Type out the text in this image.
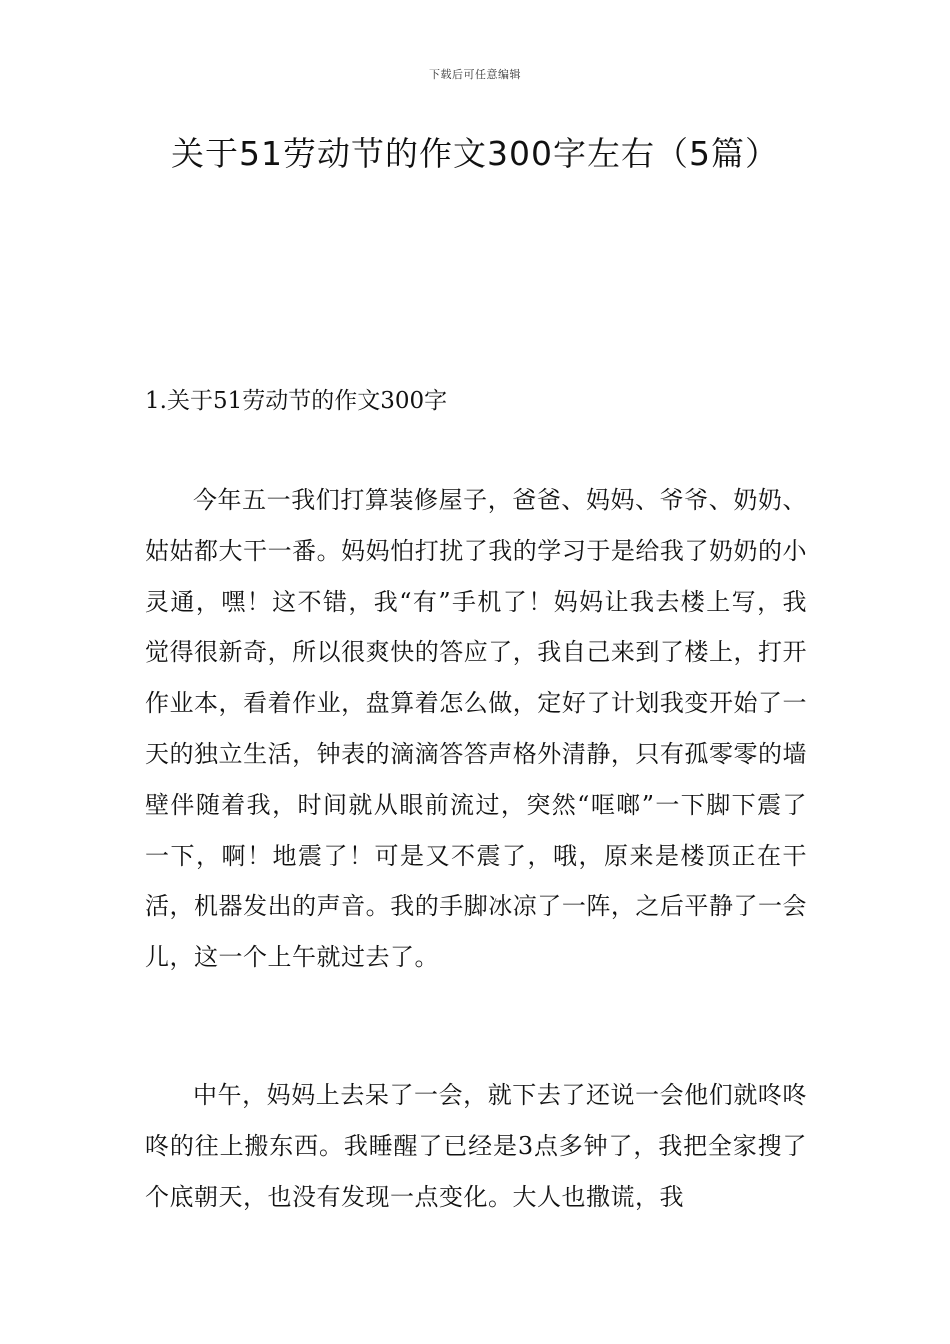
下载后可任意编辑
关于51劳动节的作文300字左右（5篇）
1.关于51劳动节的作文300字

今年五一我们打算装修屋子，爸爸、妈妈、爷爷、奶奶、姑姑都大干一番。妈妈怕打扰了我的学习于是给我了奶奶的小灵通，嘿！这不错，我“有”手机了！妈妈让我去楼上写，我觉得很新奇，所以很爽快的答应了，我自己来到了楼上，打开作业本，看着作业，盘算着怎么做，定好了计划我变开始了一天的独立生活，钟表的滴滴答答声格外清静，只有孤零零的墙壁伴随着我，时间就从眼前流过，突然“哐啷”一下脚下震了一下，啊！地震了！可是又不震了，哦，原来是楼顶正在干活，机器发出的声音。我的手脚冰凉了一阵，之后平静了一会儿，这一个上午就过去了。

中午，妈妈上去呆了一会，就下去了还说一会他们就咚咚咚的往上搬东西。我睡醒了已经是3点多钟了，我把全家搜了个底朝天，也没有发现一点变化。大人也撒谎，我
